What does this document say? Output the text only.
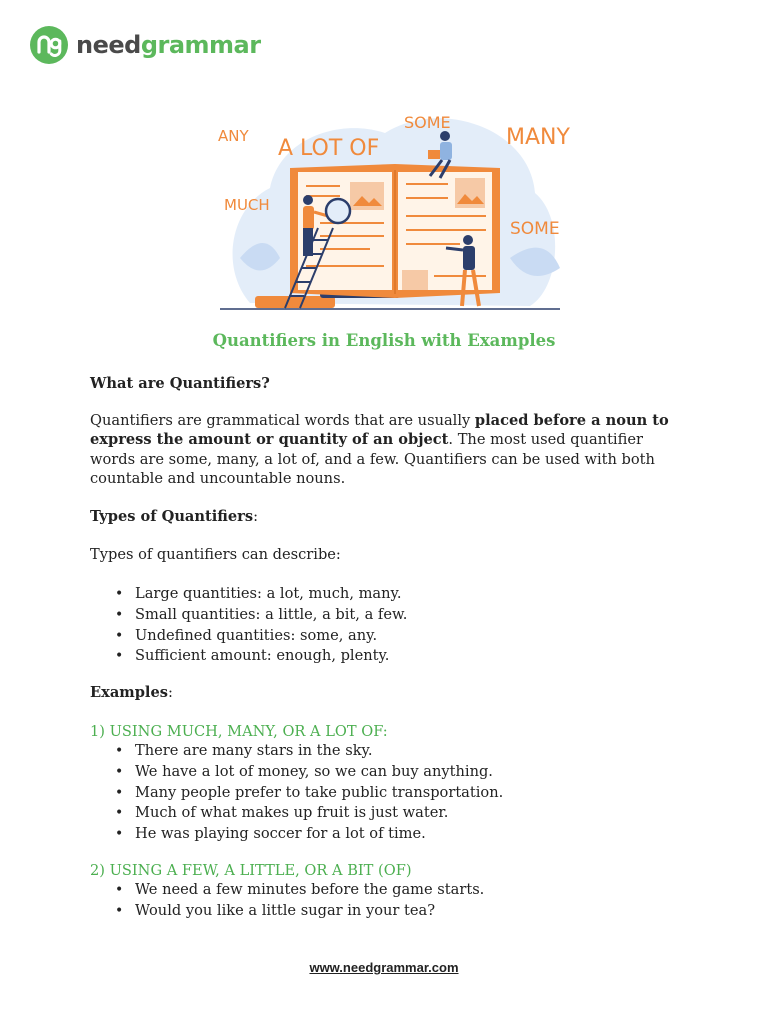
needgrammar
ANY A LOT OF
SOME
MANY
MUCH
SOME
Quantifiers in English with Examples

What are Quantifiers?

Quantifiers are grammatical words that are usually placed before a noun to express the amount or quantity of an object. The most used quantifier words are some, many, a lot of, and a few. Quantifiers can be used with both countable and uncountable nouns.

Types of Quantifiers:

Types of quantifiers can describe:

• Large quantities: a lot, much, many.
• Small quantities: a little, a bit, a few.
• Undefined quantities: some, any.
• Sufficient amount: enough, plenty.

Examples:

1) USING MUCH, MANY, OR A LOT OF:

• There are many stars in the sky.
• We have a lot of money, so we can buy anything.
• Many people prefer to take public transportation.
• Much of what makes up fruit is just water.
• He was playing soccer for a lot of time.

2) USING A FEW, A LITTLE, OR A BIT (OF)

• We need a few minutes before the game starts.
• Would you like a little sugar in your tea?
www.needgrammar.com
